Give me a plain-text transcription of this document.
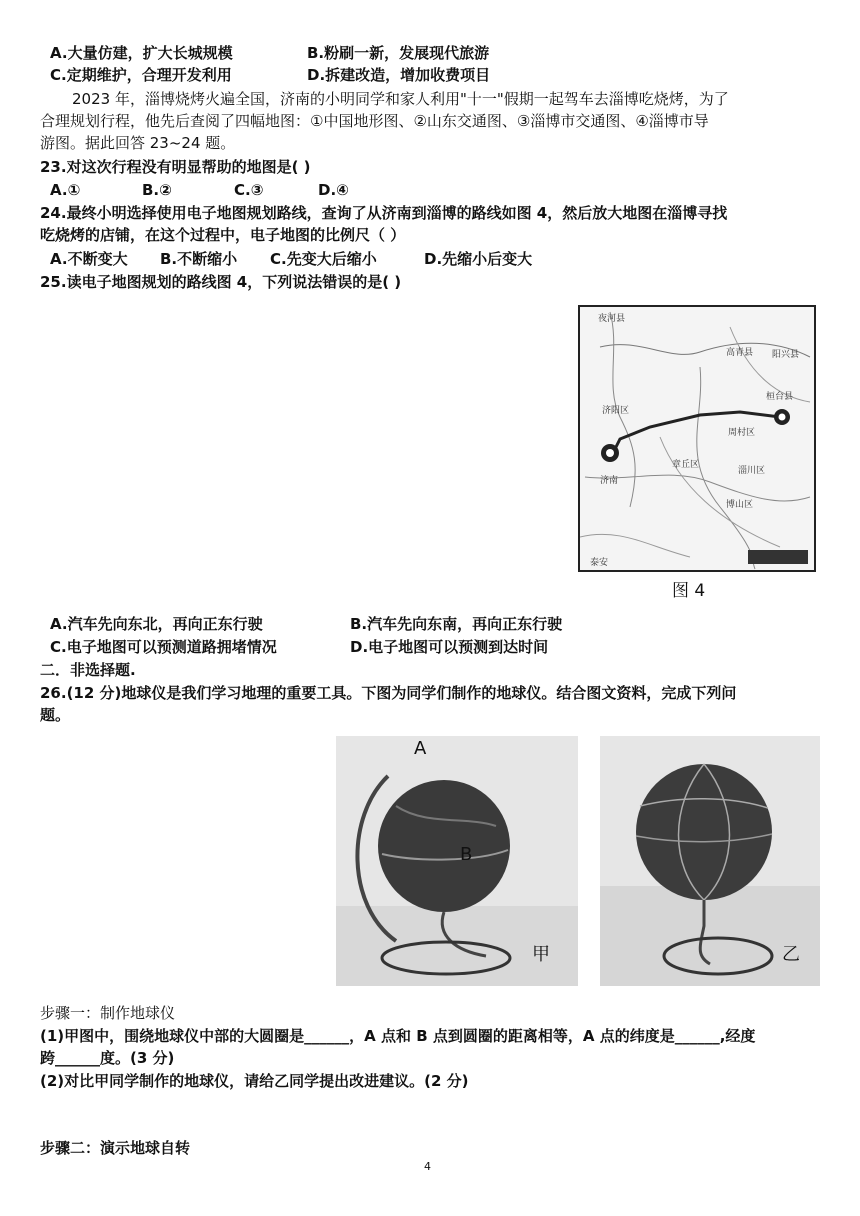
A.大量仿建，扩大长城规模	B.粉刷一新，发展现代旅游
C.定期维护，合理开发利用	D.拆建改造，增加收费项目
2023 年，淄博烧烤火遍全国，济南的小明同学和家人利用"十一"假期一起驾车去淄博吃烧烤，为了
合理规划行程，他先后查阅了四幅地图：①中国地形图、②山东交通图、③淄博市交通图、④淄博市导
游图。据此回答 23~24 题。
23.对这次行程没有明显帮助的地图是( )
A.①	B.②	C.③	D.④
24.最终小明选择使用电子地图规划路线，查询了从济南到淄博的路线如图 4，然后放大地图在淄博寻找
吃烧烤的店铺，在这个过程中，电子地图的比例尺（ ）
A.不断变大 B.不断缩小 C.先变大后缩小	D.先缩小后变大
25.读电子地图规划的路线图 4，下列说法错误的是( )
夜河县
高青县 阳兴县
济阳区
桓台县
周村区
济南
章丘区
淄川区
博山区
泰安
图 4
A.汽车先向东北，再向正东行驶	B.汽车先向东南，再向正东行驶
C.电子地图可以预测道路拥堵情况	D.电子地图可以预测到达时间
二．非选择题.
26.(12 分)地球仪是我们学习地理的重要工具。下图为同学们制作的地球仪。结合图文资料，完成下列问
题。
A
B
甲	乙
步骤一：制作地球仪
(1)甲图中，围绕地球仪中部的大圆圈是______，A 点和 B 点到圆圈的距离相等，A 点的纬度是______,经度
跨______度。(3 分)
(2)对比甲同学制作的地球仪，请给乙同学提出改进建议。(2 分)
步骤二：演示地球自转
4
